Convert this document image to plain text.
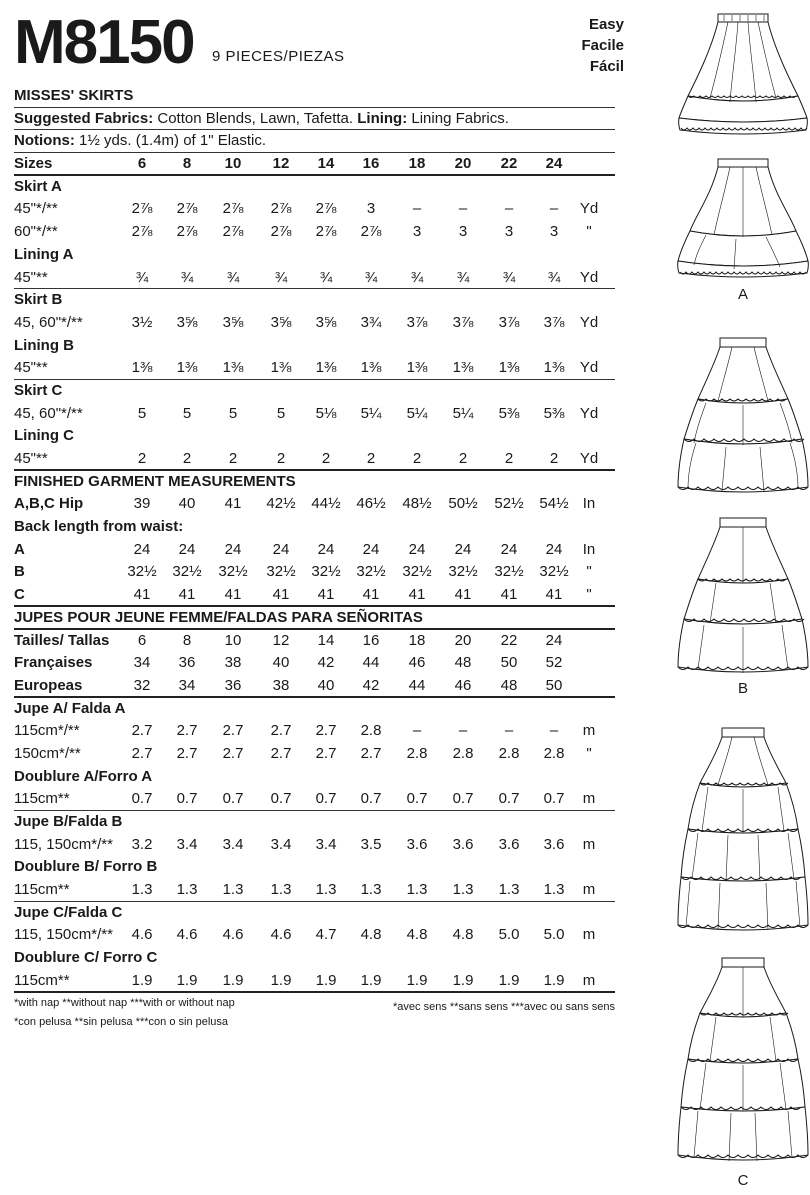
M8150 9 PIECES/PIEZAS
Easy
Facile
Fácil
MISSES' SKIRTS
Suggested Fabrics: Cotton Blends, Lawn, Tafetta. Lining: Lining Fabrics.
Notions: 1½ yds. (1.4m) of 1" Elastic.
Sizes	6	8	10	12	14	16	18	20	22	24
Skirt A
45"*/**	2⅞	2⅞	2⅞	2⅞	2⅞	3	–	–	–	–	Yd
60"*/**	2⅞	2⅞	2⅞	2⅞	2⅞	2⅞	3	3	3	3	"
Lining A
45"**	¾	¾	¾	¾	¾	¾	¾	¾	¾	¾	Yd
Skirt B
45, 60"*/**	3½	3⅝	3⅝	3⅝	3⅝	3¾	3⅞	3⅞	3⅞	3⅞	Yd
Lining B
45"**	1⅜	1⅜	1⅜	1⅜	1⅜	1⅜	1⅜	1⅜	1⅜	1⅜	Yd
Skirt C
45, 60"*/**	5	5	5	5	5⅛	5¼	5¼	5¼	5⅜	5⅜	Yd
Lining C
45"**	2	2	2	2	2	2	2	2	2	2	Yd
FINISHED GARMENT MEASUREMENTS
A,B,C Hip	39	40	41	42½	44½	46½	48½	50½	52½	54½ In
Back length from waist:
A	24	24	24	24	24	24	24	24	24	24	In
B	32½	32½	32½	32½	32½	32½	32½	32½	32½	32½	"
C	41	41	41	41	41	41	41	41	41	41	"
JUPES POUR JEUNE FEMME/FALDAS PARA SEÑORITAS
Tailles/ Tallas	6	8	10	12	14	16	18	20	22	24
Françaises	34	36	38	40	42	44	46	48	50	52
Europeas	32	34	36	38	40	42	44	46	48	50
Jupe A/ Falda A
115cm*/**	2.7	2.7	2.7	2.7	2.7	2.8	–	–	–	–	m
150cm*/**	2.7	2.7	2.7	2.7	2.7	2.7	2.8	2.8	2.8	2.8	"
Doublure A/Forro A
115cm**	0.7	0.7	0.7	0.7	0.7	0.7	0.7	0.7	0.7	0.7	m
Jupe B/Falda B
115, 150cm*/**	3.2	3.4	3.4	3.4	3.4	3.5	3.6	3.6	3.6	3.6	m
Doublure B/ Forro B
115cm**	1.3	1.3	1.3	1.3	1.3	1.3	1.3	1.3	1.3	1.3	m
Jupe C/Falda C
115, 150cm*/**	4.6	4.6	4.6	4.6	4.7	4.8	4.8	4.8	5.0	5.0	m
Doublure C/ Forro C
115cm**	1.9	1.9	1.9	1.9	1.9	1.9	1.9	1.9	1.9	1.9	m
*with nap **without nap ***with or without nap
*con pelusa **sin pelusa ***con o sin pelusa
*avec sens **sans sens ***avec ou sans sens
A
B
C
